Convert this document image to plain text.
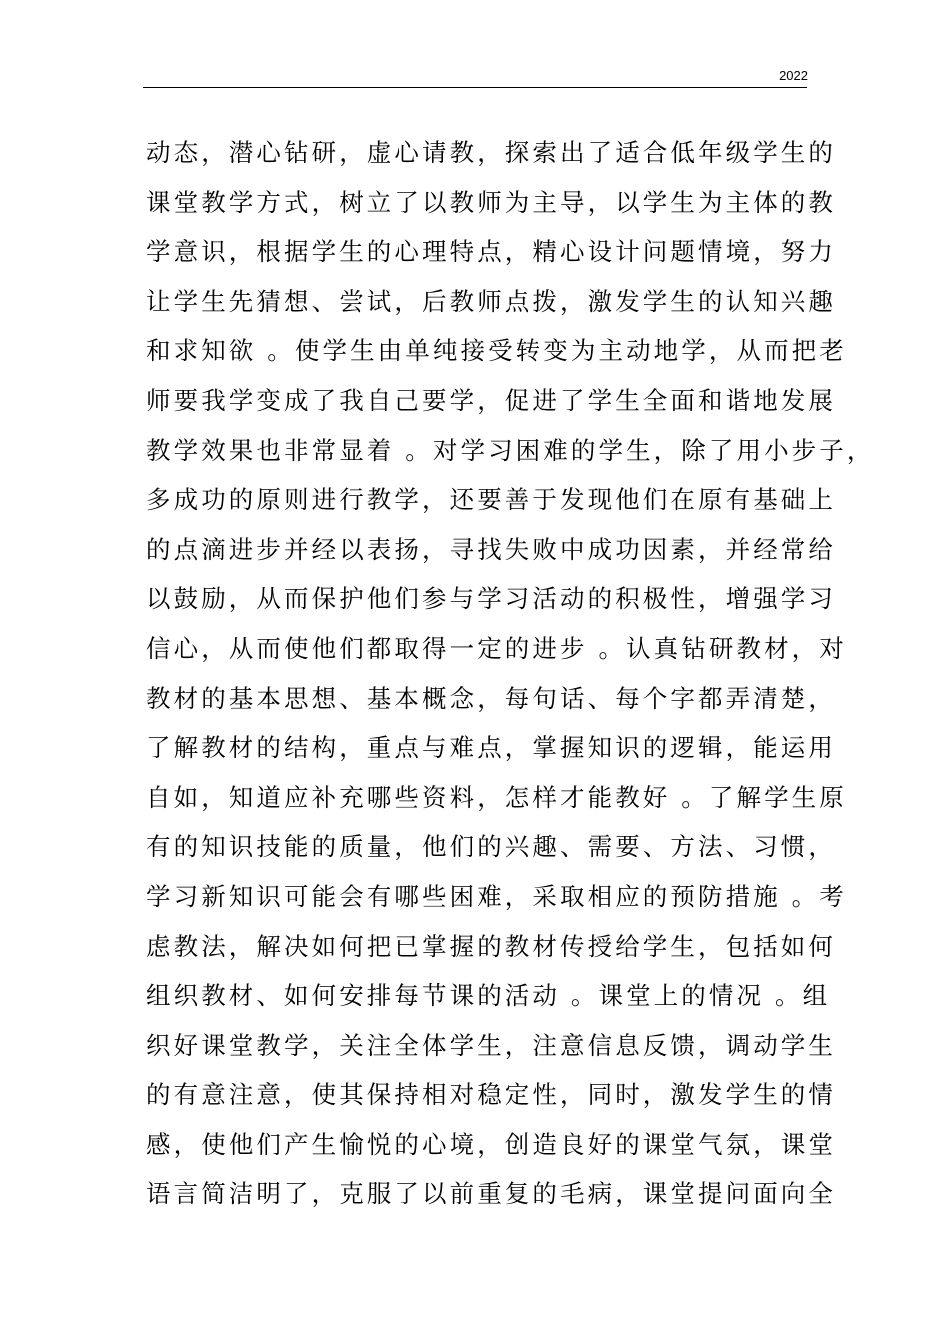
2022
动态，潜心钻研，虚心请教，探索出了适合低年级学生的
课堂教学方式，树立了以教师为主导，以学生为主体的教
学意识，根据学生的心理特点，精心设计问题情境，努力
让学生先猜想、尝试，后教师点拨，激发学生的认知兴趣
和求知欲 。使学生由单纯接受转变为主动地学，从而把老
师要我学变成了我自己要学，促进了学生全面和谐地发展
教学效果也非常显着 。对学习困难的学生，除了用小步子，
多成功的原则进行教学，还要善于发现他们在原有基础上
的点滴进步并经以表扬，寻找失败中成功因素，并经常给
以鼓励，从而保护他们参与学习活动的积极性，增强学习
信心，从而使他们都取得一定的进步 。认真钻研教材，对
教材的基本思想、基本概念，每句话、每个字都弄清楚，
了解教材的结构，重点与难点，掌握知识的逻辑，能运用
自如，知道应补充哪些资料，怎样才能教好 。了解学生原
有的知识技能的质量，他们的兴趣、需要、方法、习惯，
学习新知识可能会有哪些困难，采取相应的预防措施 。考
虑教法，解决如何把已掌握的教材传授给学生，包括如何
组织教材、如何安排每节课的活动 。课堂上的情况 。组
织好课堂教学，关注全体学生，注意信息反馈，调动学生
的有意注意，使其保持相对稳定性，同时，激发学生的情
感，使他们产生愉悦的心境，创造良好的课堂气氛，课堂
语言简洁明了，克服了以前重复的毛病，课堂提问面向全
